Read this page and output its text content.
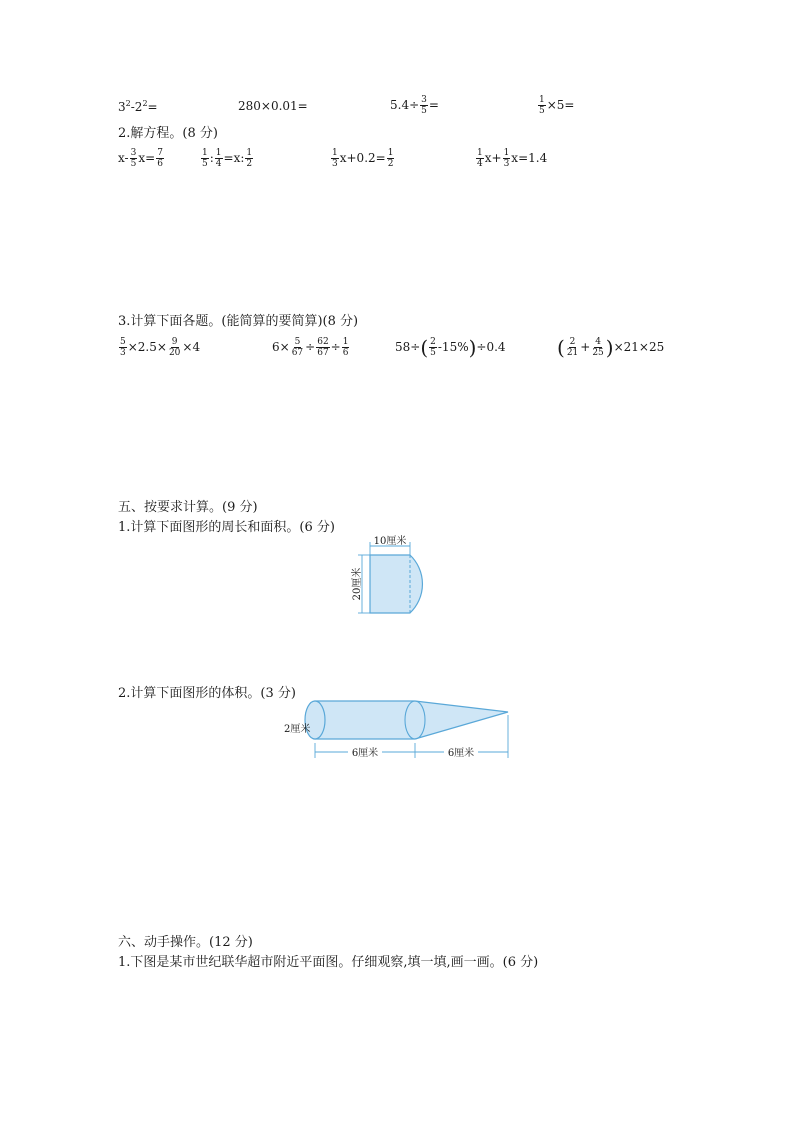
$3^2-2^2=$	280×0.01=	$5.4\div \frac{3}{5}$ =	$\frac{1}{5} \times 5=$
2.解方程。(8 分)
$x- \frac{3}{5} x= \frac{7}{6}$	$\frac{1}{5}$ : $\frac{1}{4} =x$: $\frac{1}{2}$	$\frac{1}{3} x+0.2= \frac{1}{2}$	$\frac{1}{4} x+ \frac{1}{3} x=1.4$
3.计算下面各题。(能简算的要简算)(8 分)
$\frac{5}{3} \times 2.5\times \frac{9}{20} \times 4$	$6\times \frac{5}{67} \div \frac{62}{67} \div \frac{1}{6}$	$58\div( \frac{2}{5} -15\%)\div 0.4$	( $\frac{2}{21} + \frac{4}{25} )\times 21\times 25$
五、按要求计算。(9 分)
1.计算下面图形的周长和面积。(6 分)
10厘米
20厘米
2.计算下面图形的体积。(3 分)
2厘米
6厘米	6厘米
六、动手操作。(12 分)
1.下图是某市世纪联华超市附近平面图。仔细观察,填一填,画一画。(6 分)
